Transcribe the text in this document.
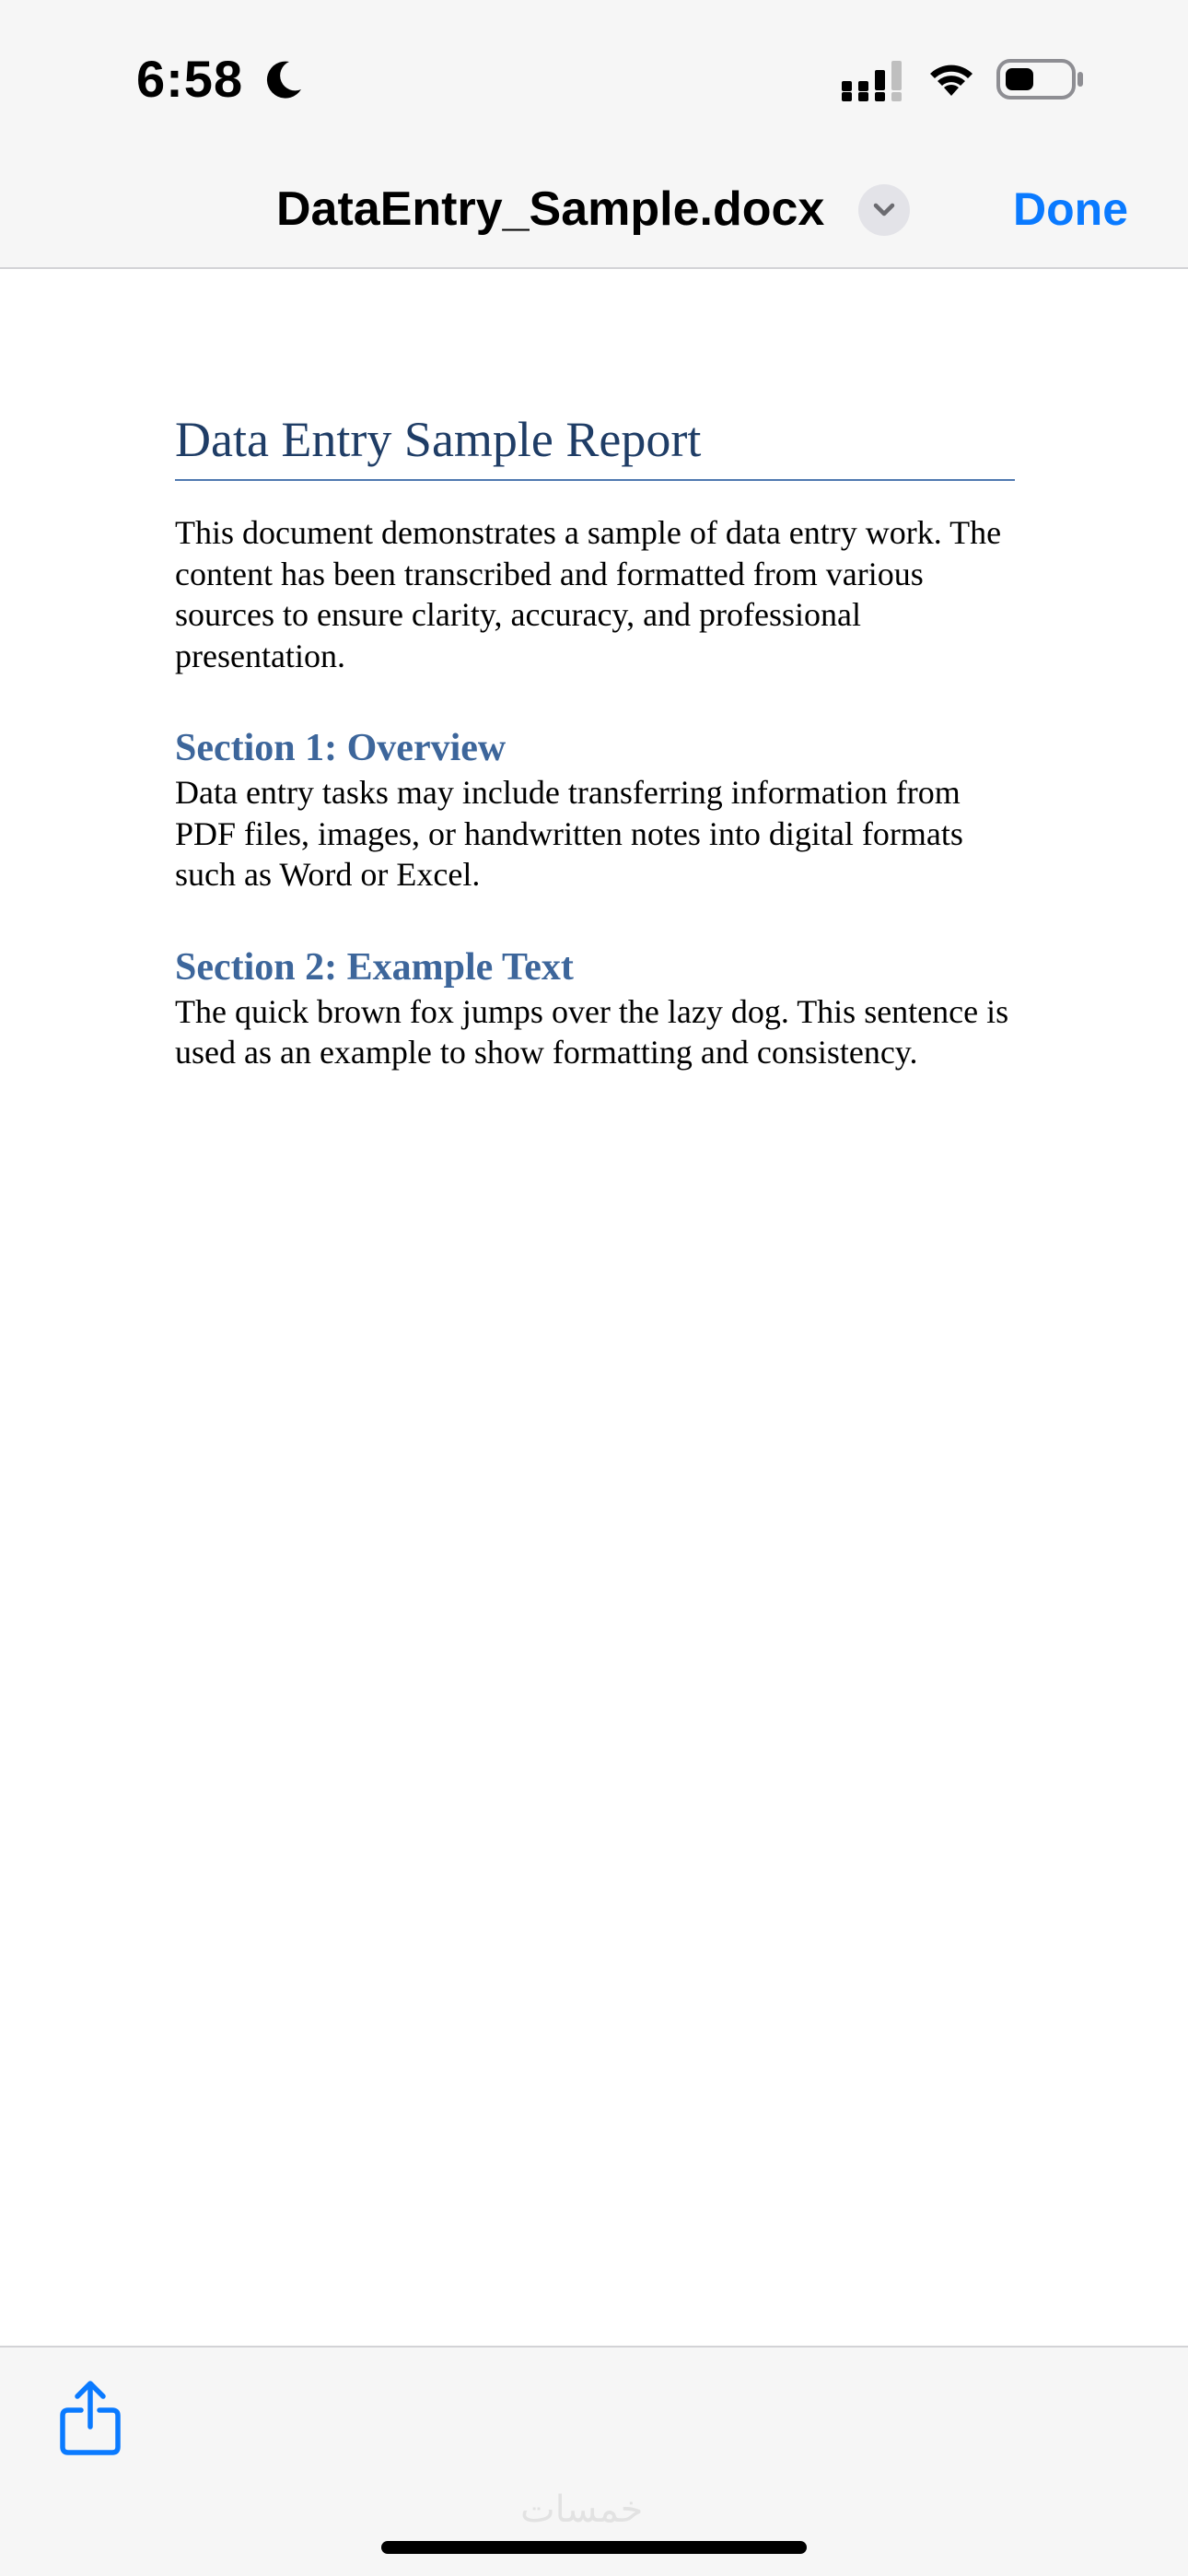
6:58
DataEntry_Sample.docx	Done
Data Entry Sample Report

This document demonstrates a sample of data entry work. The content has been transcribed and formatted from various sources to ensure clarity, accuracy, and professional presentation.

Section 1: Overview

Data entry tasks may include transferring information from PDF files, images, or handwritten notes into digital formats such as Word or Excel.

Section 2: Example Text

The quick brown fox jumps over the lazy dog. This sentence is used as an example to show formatting and consistency.

خمسات
